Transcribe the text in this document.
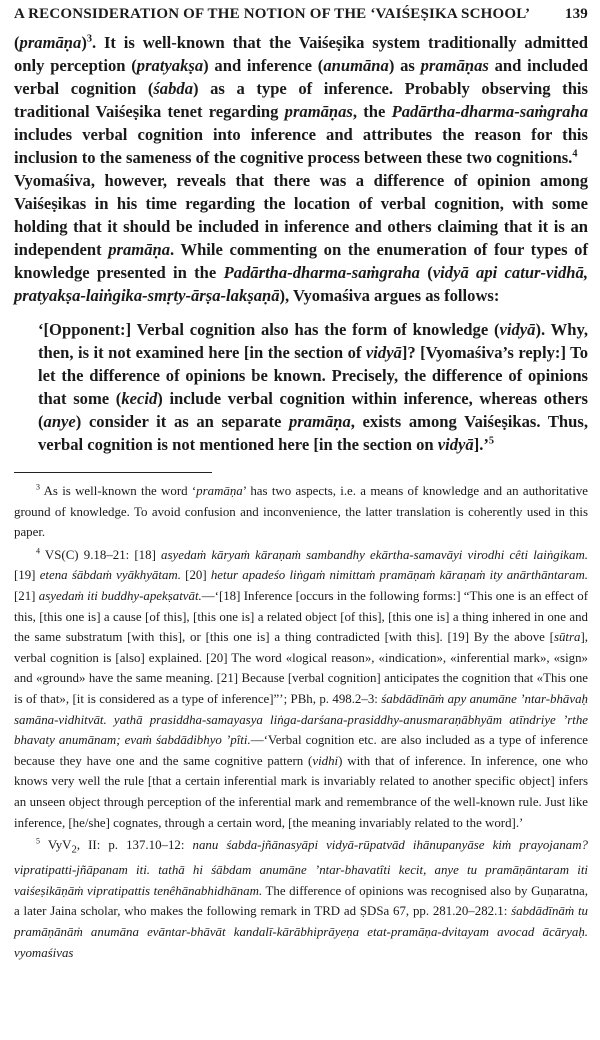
A RECONSIDERATION OF THE NOTION OF THE ‘VAIŚEṢIKA SCHOOL’ 139

(pramāṇa)$^3$. It is well-known that the Vaiśeṣika system traditionally admitted only perception (pratyakṣa) and inference (anumāna) as pramāṇas and included verbal cognition (śabda) as a type of inference. Probably observing this traditional Vaiśeṣika tenet regarding pramāṇas, the Padārtha-dharma-saṁgraha includes verbal cognition into inference and attributes the reason for this inclusion to the sameness of the cognitive process between these two cognitions.$^4$

Vyomaśiva, however, reveals that there was a difference of opinion among Vaiśeṣikas in his time regarding the location of verbal cognition, with some holding that it should be included in inference and others claiming that it is an independent pramāṇa. While commenting on the enumeration of four types of knowledge presented in the Padārtha-dharma-saṁgraha (vidyā api catur-vidhā, pratyakṣa-laiṅgika-smṛty-ārṣa-lakṣaṇā), Vyomaśiva argues as follows:

‘[Opponent:] Verbal cognition also has the form of knowledge (vidyā). Why, then, is it not examined here [in the section of vidyā]? [Vyomaśiva’s reply:] To let the difference of opinions be known. Precisely, the difference of opinions that some (kecid) include verbal cognition within inference, whereas others (anye) consider it as an separate pramāṇa, exists among Vaiśeṣikas. Thus, verbal cognition is not mentioned here [in the section on vidyā].’$^5$

$^3$ As is well-known the word ‘pramāṇa’ has two aspects, i.e. a means of knowledge and an authoritative ground of knowledge. To avoid confusion and inconvenience, the latter translation is coherently used in this paper.

$^4$ VS(C) 9.18–21: [18] asyedaṁ kāryaṁ kāraṇaṁ sambandhy ekārtha-samavāyi virodhi cêti laiṅgikam. [19] etena śābdaṁ vyākhyātam. [20] hetur apadeśo liṅgaṁ nimittaṁ pramāṇaṁ kāraṇaṁ ity anārthāntaram. [21] asyedaṁ iti buddhy-apekṣatvāt.—‘[18] Inference [occurs in the following forms:] “This one is an effect of this, [this one is] a cause [of this], [this one is] a related object [of this], [this one is] a thing inhered in one and the same substratum [with this], or [this one is] a thing contradicted [with this]. [19] By the above [sūtra], verbal cognition is [also] explained. [20] The word «logical reason», «indication», «inferential mark», «sign» and «ground» have the same meaning. [21] Because [verbal cognition] anticipates the cognition that «This one is of that», [it is considered as a type of inference]”’; PBh, p. 498.2–3: śabdādīnāṁ apy anumāne ’ntar-bhāvaḥ samāna-vidhitvāt. yathā prasiddha-samayasya liṅga-darśana-prasiddhy-anusmaraṇābhyām atīndriye ’rthe bhavaty anumānam; evaṁ śabdādibhyo ’pîti.—‘Verbal cognition etc. are also included as a type of inference because they have one and the same cognitive pattern (vidhi) with that of inference. In inference, one who knows very well the rule [that a certain inferential mark is invariably related to another specific object] infers an unseen object through perception of the inferential mark and remembrance of the well-known rule. Just like inference, [he/she] cognates, through a certain word, [the meaning invariably related to the word].’

$^5$ VyV$_2$, II: p. 137.10–12: nanu śabda-jñānasyāpi vidyā-rūpatvād ihānupanyāse kiṁ prayojanam? vipratipatti-jñāpanam iti. tathā hi śābdam anumāne ’ntar-bhavatîti kecit, anye tu pramāṇāntaram iti vaiśeṣikāṇāṁ vipratipattis tenêhānabhidhānam. The difference of opinions was recognised also by Guṇaratna, a later Jaina scholar, who makes the following remark in TRD ad ṢDSa 67, pp. 281.20–282.1: śabdādīnāṁ tu pramāṇānāṁ anumāna evāntar-bhāvāt kandalī-kārābhiprāyeṇa etat-pramāṇa-dvitayam avocad ācāryaḥ. vyomaśivas
